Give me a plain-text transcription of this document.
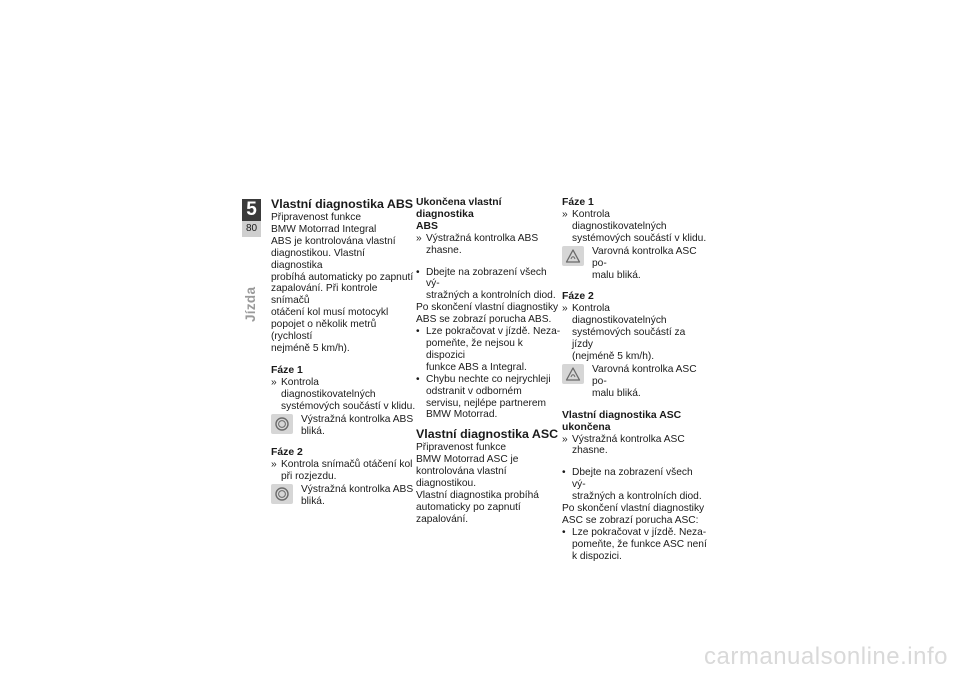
5
80
Jízda
Vlastní diagnostika ABS

Připravenost funkce

BMW Motorrad Integral

ABS je kontrolována vlastní

diagnostikou. Vlastní diagnostika

probíhá automaticky po zapnutí

zapalování. Při kontrole snímačů

otáčení kol musí motocykl

popojet o několik metrů (rychlostí

nejméně 5 km/h).

Fáze 1
» Kontrola diagnostikovatelných

systémových součástí v klidu.

Výstražná kontrolka ABS

bliká.

Fáze 2
» Kontrola snímačů otáčení kol

při rozjezdu.

Výstražná kontrolka ABS

bliká.

Ukončena vlastní diagnostika

ABS

» Výstražná kontrolka ABS

zhasne.

• Dbejte na zobrazení všech vý-

stražných a kontrolních diod.

Po skončení vlastní diagnostiky

ABS se zobrazí porucha ABS.

• Lze pokračovat v jízdě. Neza-

pomeňte, že nejsou k dispozici

funkce ABS a Integral.

• Chybu nechte co nejrychleji

odstranit v odborném

servisu, nejlépe partnerem

BMW Motorrad.

Vlastní diagnostika ASC

Připravenost funkce

BMW Motorrad ASC je

kontrolována vlastní diagnostikou.

Vlastní diagnostika probíhá

automaticky po zapnutí

zapalování.

Fáze 1
» Kontrola diagnostikovatelných

systémových součástí v klidu.

Varovná kontrolka ASC po-

malu bliká.

Fáze 2
» Kontrola diagnostikovatelných

systémových součástí za jízdy

(nejméně 5 km/h).

Varovná kontrolka ASC po-

malu bliká.

Vlastní diagnostika ASC

ukončena

» Výstražná kontrolka ASC

zhasne.

• Dbejte na zobrazení všech vý-

stražných a kontrolních diod.

Po skončení vlastní diagnostiky

ASC se zobrazí porucha ASC:

• Lze pokračovat v jízdě. Neza-

pomeňte, že funkce ASC není

k dispozici.

carmanualsonline.info
